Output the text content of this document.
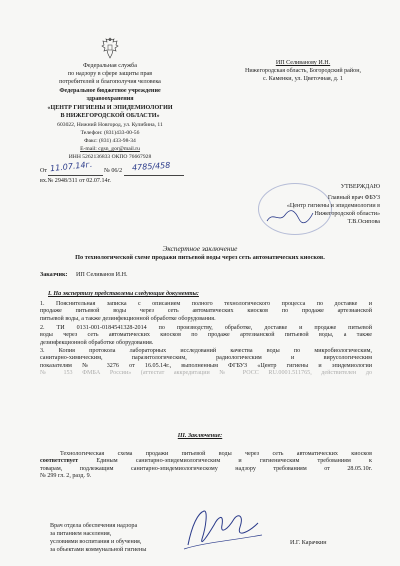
Федеральная служба
по надзору в сфере защиты прав
потребителей и благополучия человека
Федеральное бюджетное учреждение
здравоохранения
«ЦЕНТР ГИГИЕНЫ И ЭПИДЕМИОЛОГИИ
В НИЖЕГОРОДСКОЙ ОБЛАСТИ»
603022, Нижний Новгород, ул. Кулибина, 11
Телефон: (831)433-00-56
Факс: (831) 433-98-34
E-mail: cgsn_gor@mail.ru
ИНН 5262136833 ОКПО 76667928
От 11.07.14г. № 06/2 4785/458
вх.№ 2948/311 от 02.07.14г.
ИП Селиванову И.Н.
Нижегородская область, Богородский район,
с. Каменки, ул. Цветочная, д. 1
УТВЕРЖДАЮ
Главный врач ФБУЗ
«Центр гигиены и эпидемиологии в
Нижегородской области»
Т.В.Осипова
Экспертное заключение
По технологической схеме продажи питьевой воды через сеть автоматических киосков.
Заказчик: ИП Селиванов И.Н.
I. На экспертизу представлены следующие документы:
1. Пояснительная записка с описанием полного технологического процесса по доставке и
продаже питьевой воды через сеть автоматических киосков по продаже артезианской
питьевой воды, а также дезинфекционной обработке оборудования.
2. ТИ 0131-001-0184541328-2014 по производству, обработке, доставке и продаже питьевой
воды через сеть автоматических киосков по продаже артезианской питьевой воды, а также
дезинфекционной обработке оборудования.
3. Копия протокола лабораторных исследований качества воды по микробиологическим,
санитарно-химическим, паразитологическим, радиологическим и вирусологическим
показателям № 3276 от 16.05.14г., выполненным ФГБУЗ «Центр гигиены и эпидемиологии
№ 153 ФМБА России» (аттестат аккредитации № РОСС RU.0001.511765, действителен до
III. Заключение:
Технологическая схема продажи питьевой воды через сеть автоматических киосков
соответствует	Единым санитарно-эпидемиологическим и гигиеническим требованиям к
товарам, подлежащим санитарно-эпидемиологическому надзору требованиям от 28.05.10г.
№ 299 гл. 2, разд. 9.
Врач отдела обеспечения надзора
за питанием населения,
условиями воспитания и обучения,
за объектами коммунальной гигиены
И.Г. Карачкин
